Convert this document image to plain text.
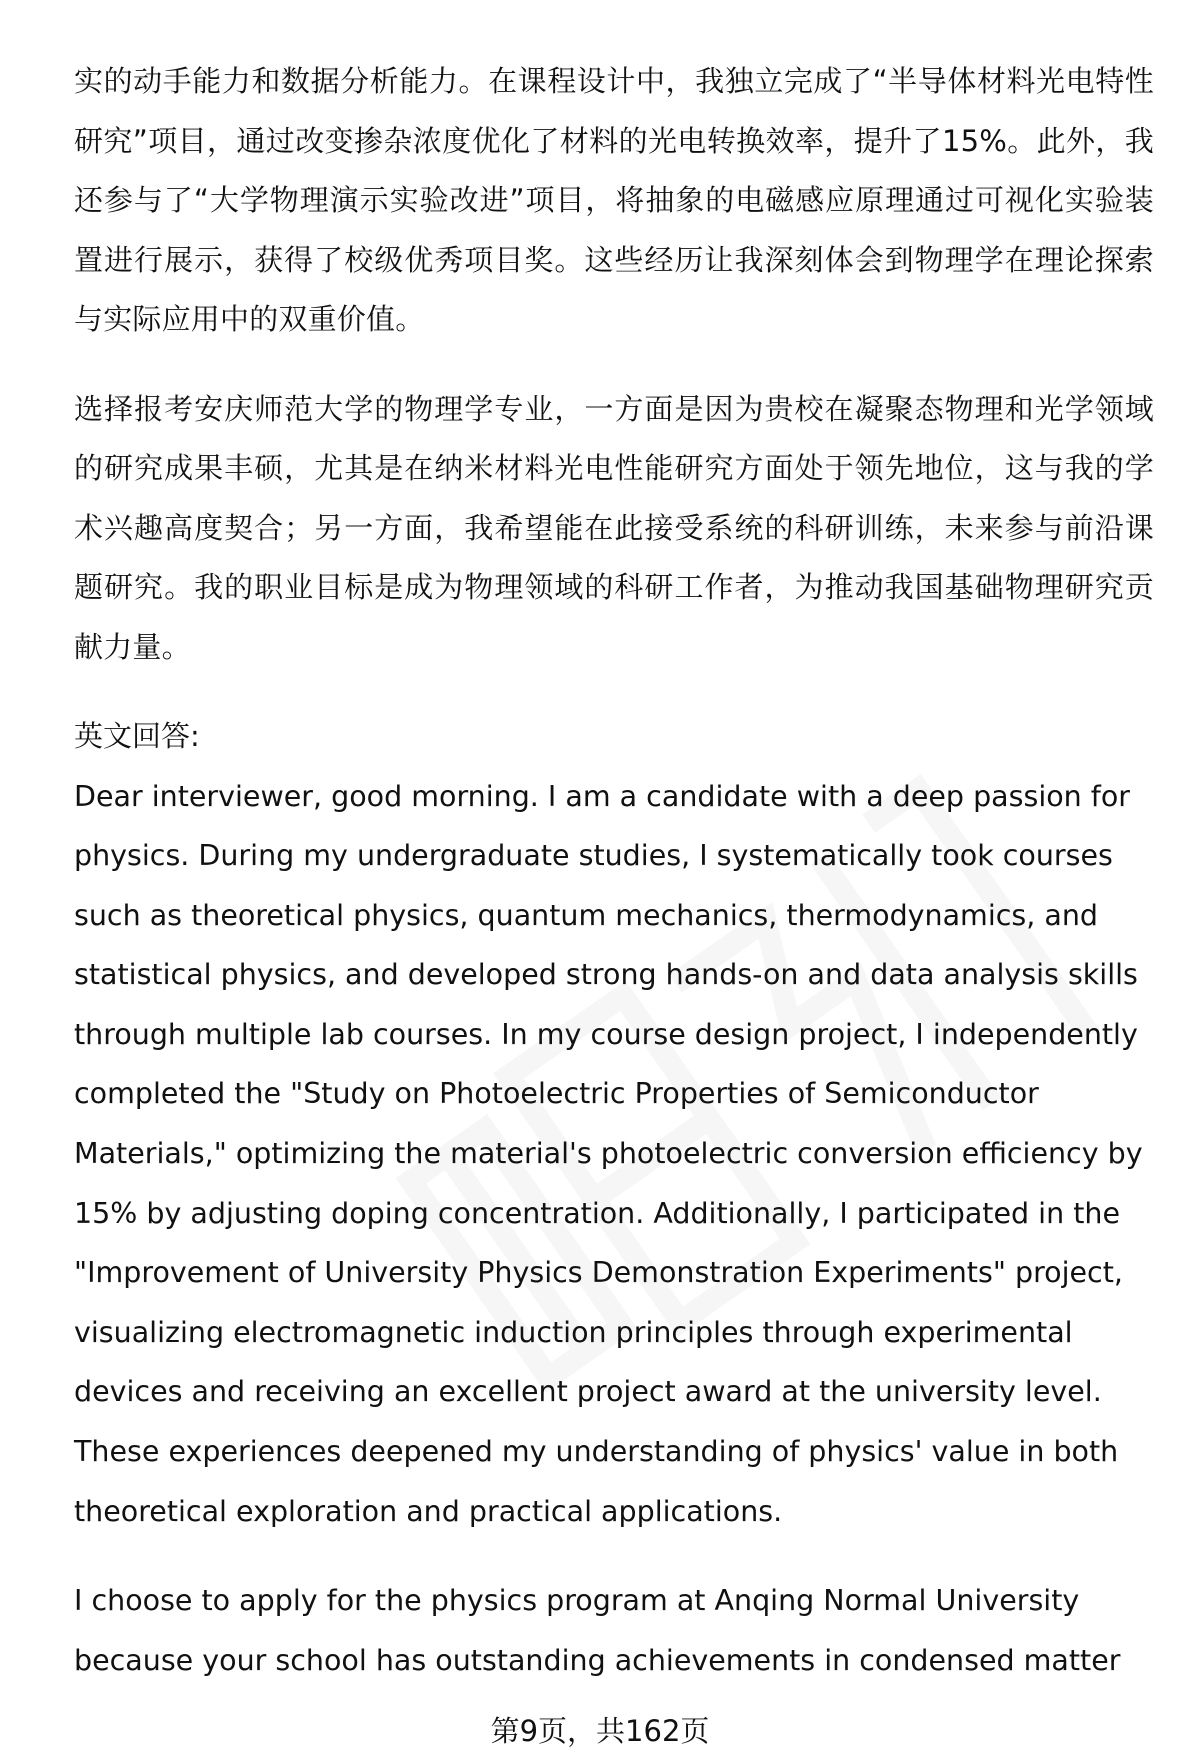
实的动手能力和数据分析能力。在课程设计中，我独立完成了“半导体材料光电特性研究”项目，通过改变掺杂浓度优化了材料的光电转换效率，提升了15%。此外，我还参与了“大学物理演示实验改进”项目，将抽象的电磁感应原理通过可视化实验装置进行展示，获得了校级优秀项目奖。这些经历让我深刻体会到物理学在理论探索与实际应用中的双重价值。

选择报考安庆师范大学的物理学专业，一方面是因为贵校在凝聚态物理和光学领域的研究成果丰硕，尤其是在纳米材料光电性能研究方面处于领先地位，这与我的学术兴趣高度契合；另一方面，我希望能在此接受系统的科研训练，未来参与前沿课题研究。我的职业目标是成为物理领域的科研工作者，为推动我国基础物理研究贡献力量。

英文回答:

Dear interviewer, good morning. I am a candidate with a deep passion for physics. During my undergraduate studies, I systematically took courses such as theoretical physics, quantum mechanics, thermodynamics, and statistical physics, and developed strong hands-on and data analysis skills through multiple lab courses. In my course design project, I independently completed the "Study on Photoelectric Properties of Semiconductor Materials," optimizing the material's photoelectric conversion efficiency by 15% by adjusting doping concentration. Additionally, I participated in the "Improvement of University Physics Demonstration Experiments" project, visualizing electromagnetic induction principles through experimental devices and receiving an excellent project award at the university level. These experiences deepened my understanding of physics' value in both theoretical exploration and practical applications.

I choose to apply for the physics program at Anqing Normal University because your school has outstanding achievements in condensed matter

第9页，共162页
